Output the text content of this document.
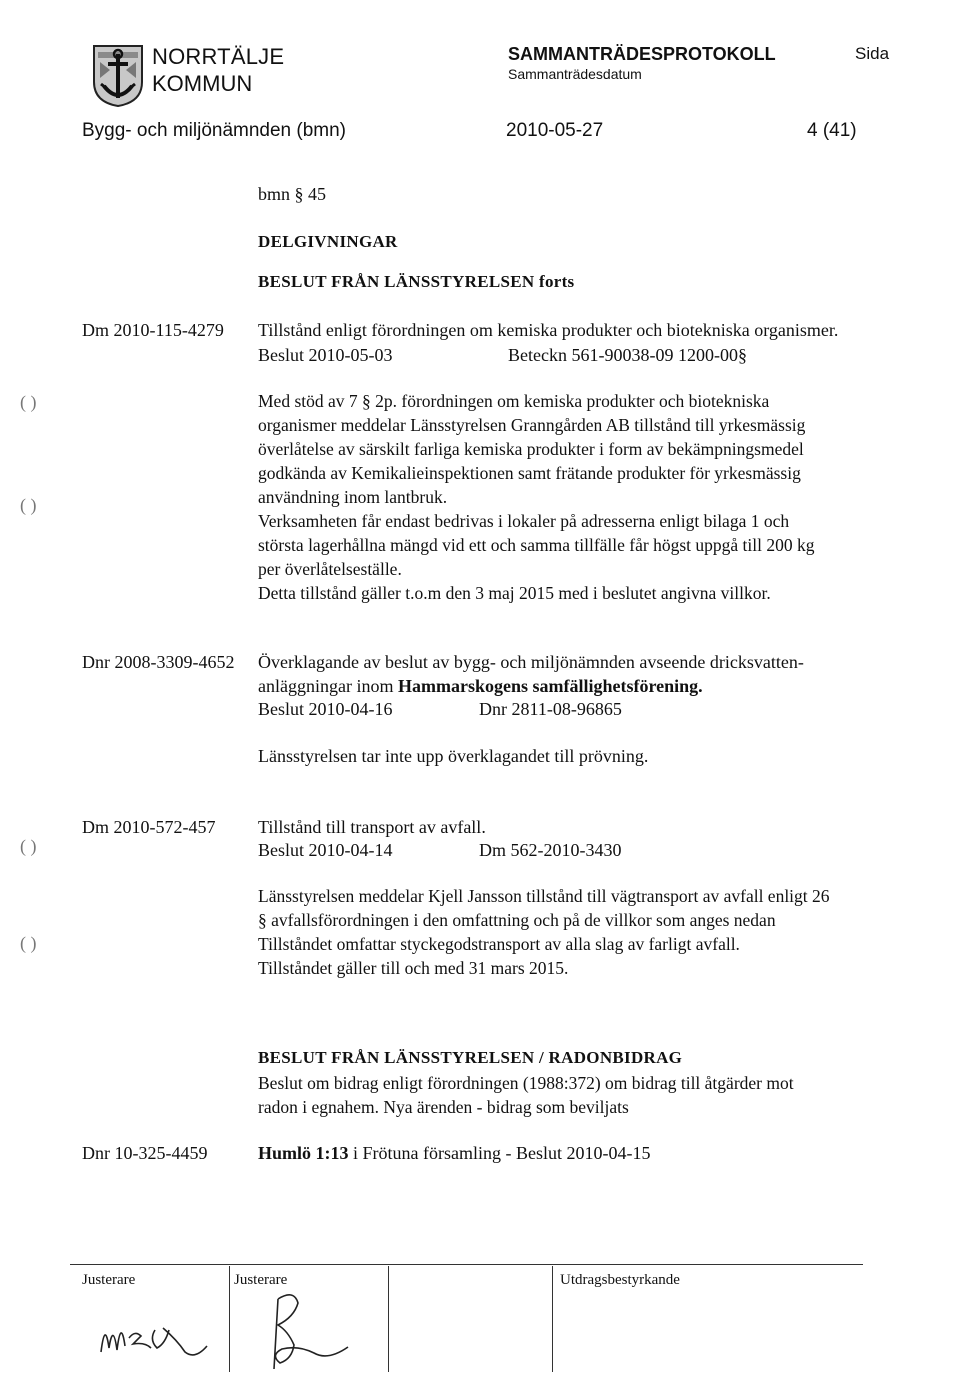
NORRTÄLJE
KOMMUN
SAMMANTRÄDESPROTOKOLL
Sammanträdesdatum
Sida
Bygg- och miljönämnden (bmn)	2010-05-27	4 (41)
bmn § 45
DELGIVNINGAR
BESLUT FRÅN LÄNSSTYRELSEN forts
Dm 2010-115-4279 Tillstånd enligt förordningen om kemiska produkter och biotekniska organismer.
Beslut 2010-05-03	Beteckn 561-90038-09 1200-00§
Med stöd av 7 § 2p. förordningen om kemiska produkter och biotekniska
organismer meddelar Länsstyrelsen Granngården AB tillstånd till yrkesmässig
överlåtelse av särskilt farliga kemiska produkter i form av bekämpningsmedel
godkända av Kemikalieinspektionen samt frätande produkter för yrkesmässig
användning inom lantbruk.
Verksamheten får endast bedrivas i lokaler på adresserna enligt bilaga 1 och
största lagerhållna mängd vid ett och samma tillfälle får högst uppgå till 200 kg
per överlåtelseställe.
Detta tillstånd gäller t.o.m den 3 maj 2015 med i beslutet angivna villkor.
Dnr 2008-3309-4652 Överklagande av beslut av bygg- och miljönämnden avseende dricksvatten-
anläggningar inom Hammarskogens samfällighetsförening.
Beslut 2010-04-16	Dnr 2811-08-96865
Länsstyrelsen tar inte upp överklagandet till prövning.
Dm 2010-572-457 Tillstånd till transport av avfall.
Beslut 2010-04-14	Dm 562-2010-3430
Länsstyrelsen meddelar Kjell Jansson tillstånd till vägtransport av avfall enligt 26
§ avfallsförordningen i den omfattning och på de villkor som anges nedan
Tillståndet omfattar styckegodstransport av alla slag av farligt avfall.
Tillståndet gäller till och med 31 mars 2015.
BESLUT FRÅN LÄNSSTYRELSEN / RADONBIDRAG
Beslut om bidrag enligt förordningen (1988:372) om bidrag till åtgärder mot
radon i egnahem. Nya ärenden - bidrag som beviljats
Dnr 10-325-4459	Humlö 1:13 i Frötuna församling - Beslut 2010-04-15
( )
( )
( )
( )
Justerare	Justerare	Utdragsbestyrkande
